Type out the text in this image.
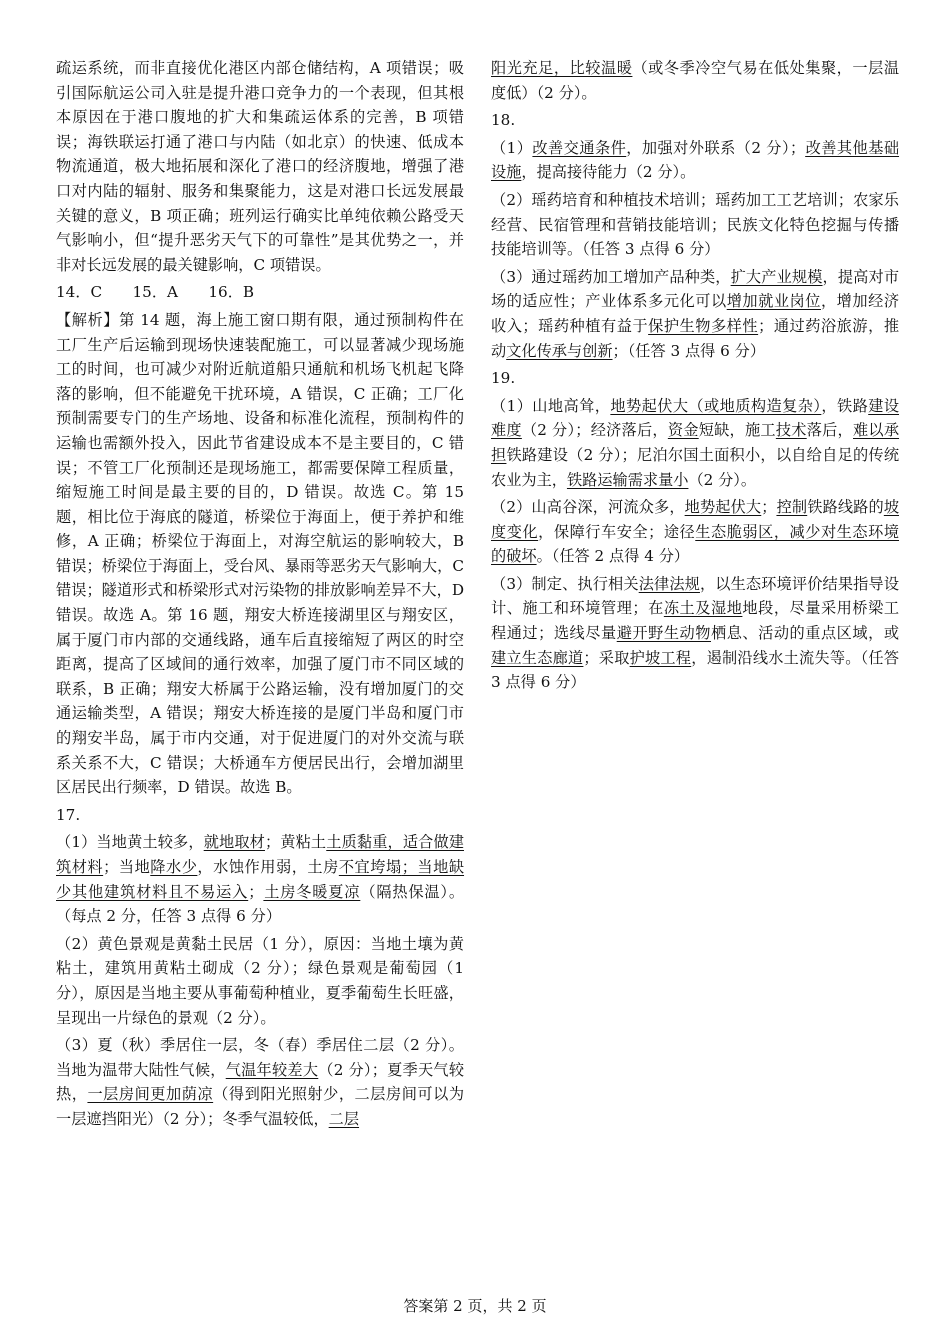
疏运系统，而非直接优化港区内部仓储结构，A 项错误；吸引国际航运公司入驻是提升港口竞争力的一个表现，但其根本原因在于港口腹地的扩大和集疏运体系的完善，B 项错误；海铁联运打通了港口与内陆（如北京）的快速、低成本物流通道，极大地拓展和深化了港口的经济腹地，增强了港口对内陆的辐射、服务和集聚能力，这是对港口长远发展最关键的意义，B 项正确；班列运行确实比单纯依赖公路受天气影响小，但“提升恶劣天气下的可靠性”是其优势之一，并非对长远发展的最关键影响，C 项错误。

14．C　　15．A　　16．B

【解析】第 14 题，海上施工窗口期有限，通过预制构件在工厂生产后运输到现场快速装配施工，可以显著减少现场施工的时间，也可减少对附近航道船只通航和机场飞机起飞降落的影响，但不能避免干扰环境，A 错误，C 正确；工厂化预制需要专门的生产场地、设备和标准化流程，预制构件的运输也需额外投入，因此节省建设成本不是主要目的，C 错误；不管工厂化预制还是现场施工，都需要保障工程质量，缩短施工时间是最主要的目的，D 错误。故选 C。第 15 题，相比位于海底的隧道，桥梁位于海面上，便于养护和维修，A 正确；桥梁位于海面上，对海空航运的影响较大，B 错误；桥梁位于海面上，受台风、暴雨等恶劣天气影响大，C 错误；隧道形式和桥梁形式对污染物的排放影响差异不大，D 错误。故选 A。第 16 题，翔安大桥连接湖里区与翔安区，属于厦门市内部的交通线路，通车后直接缩短了两区的时空距离，提高了区域间的通行效率，加强了厦门市不同区域的联系，B 正确；翔安大桥属于公路运输，没有增加厦门的交通运输类型，A 错误；翔安大桥连接的是厦门半岛和厦门市的翔安半岛，属于市内交通，对于促进厦门的对外交流与联系关系不大，C 错误；大桥通车方便居民出行，会增加湖里区居民出行频率，D 错误。故选 B。

17.

（1）当地黄土较多，就地取材；黄粘土土质黏重，适合做建筑材料；当地降水少，水蚀作用弱，土房不宜垮塌；当地缺少其他建筑材料且不易运入；土房冬暖夏凉（隔热保温）。（每点 2 分，任答 3 点得 6 分）

（2）黄色景观是黄黏土民居（1 分），原因：当地土壤为黄粘土，建筑用黄粘土砌成（2 分）；绿色景观是葡萄园（1 分），原因是当地主要从事葡萄种植业，夏季葡萄生长旺盛，呈现出一片绿色的景观（2 分）。

（3）夏（秋）季居住一层，冬（春）季居住二层（2 分）。当地为温带大陆性气候，气温年较差大（2 分）；夏季天气较热，一层房间更加荫凉（得到阳光照射少，二层房间可以为一层遮挡阳光）（2 分）；冬季气温较低，二层

阳光充足，比较温暖（或冬季冷空气易在低处集聚，一层温度低）（2 分）。

18.

（1）改善交通条件，加强对外联系（2 分）；改善其他基础设施，提高接待能力（2 分）。

（2）瑶药培育和种植技术培训；瑶药加工工艺培训；农家乐经营、民宿管理和营销技能培训；民族文化特色挖掘与传播技能培训等。（任答 3 点得 6 分）

（3）通过瑶药加工增加产品种类，扩大产业规模，提高对市场的适应性；产业体系多元化可以增加就业岗位，增加经济收入；瑶药种植有益于保护生物多样性；通过药浴旅游，推动文化传承与创新；（任答 3 点得 6 分）

19.

（1）山地高耸，地势起伏大（或地质构造复杂），铁路建设难度（2 分）；经济落后，资金短缺，施工技术落后，难以承担铁路建设（2 分）；尼泊尔国土面积小，以自给自足的传统农业为主，铁路运输需求量小（2 分）。

（2）山高谷深，河流众多，地势起伏大；控制铁路线路的坡度变化，保障行车安全；途径生态脆弱区，减少对生态环境的破坏。（任答 2 点得 4 分）

（3）制定、执行相关法律法规，以生态环境评价结果指导设计、施工和环境管理；在冻土及湿地地段，尽量采用桥梁工程通过；选线尽量避开野生动物栖息、活动的重点区域，或建立生态廊道；采取护坡工程，遏制沿线水土流失等。（任答 3 点得 6 分）

答案第 2 页，共 2 页
